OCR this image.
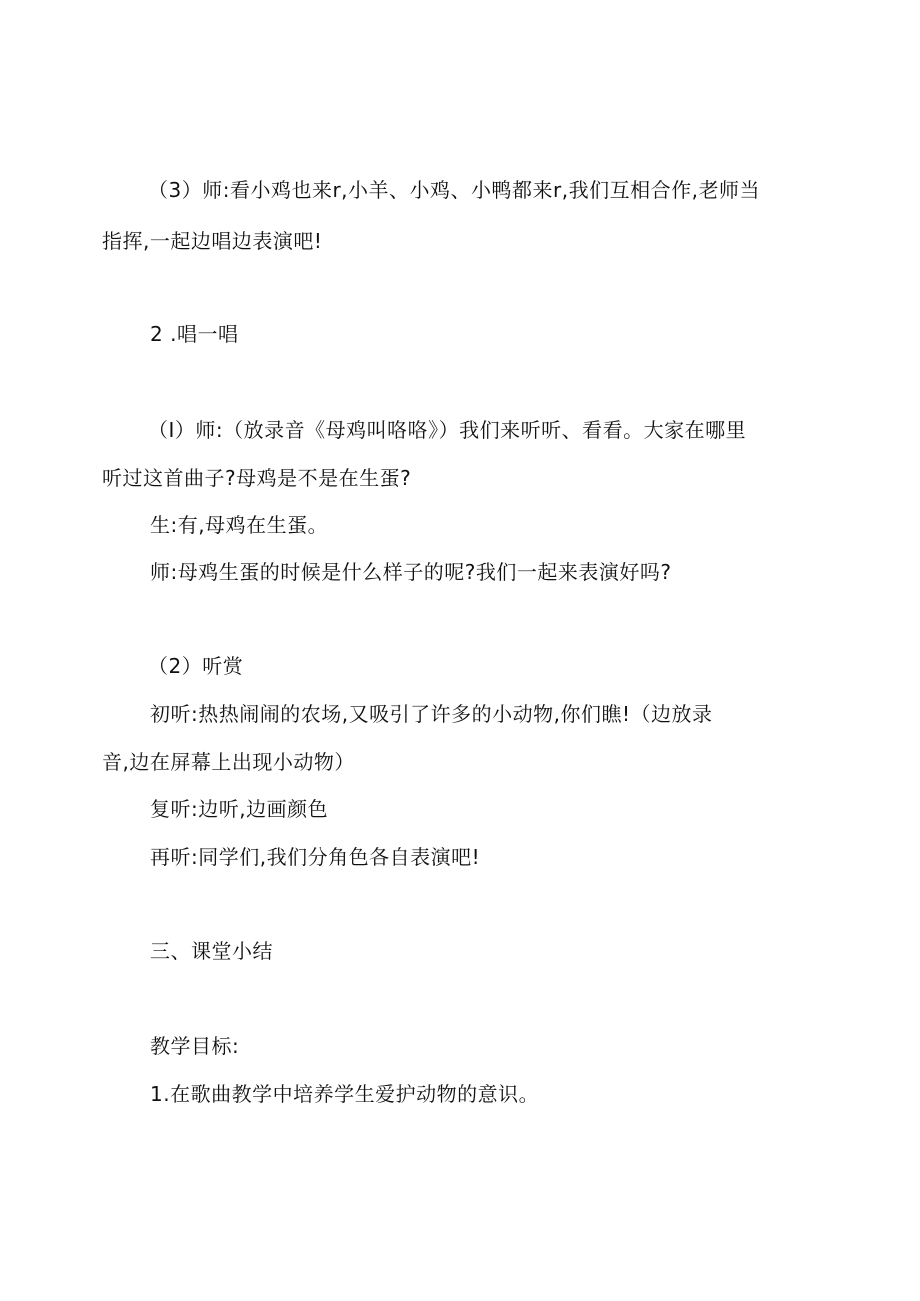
（3）师:看小鸡也来r,小羊、小鸡、小鸭都来r,我们互相合作,老师当
指挥,一起边唱边表演吧!
2 .唱一唱
（I）师:（放录音《母鸡叫咯咯》）我们来听听、看看。大家在哪里
听过这首曲子?母鸡是不是在生蛋?
生:有,母鸡在生蛋。
师:母鸡生蛋的时候是什么样子的呢?我们一起来表演好吗?
（2）听赏
初听:热热闹闹的农场,又吸引了许多的小动物,你们瞧!（边放录
音,边在屏幕上出现小动物）
复听:边听,边画颜色
再听:同学们,我们分角色各自表演吧!
三、课堂小结
教学目标:
1.在歌曲教学中培养学生爱护动物的意识。
